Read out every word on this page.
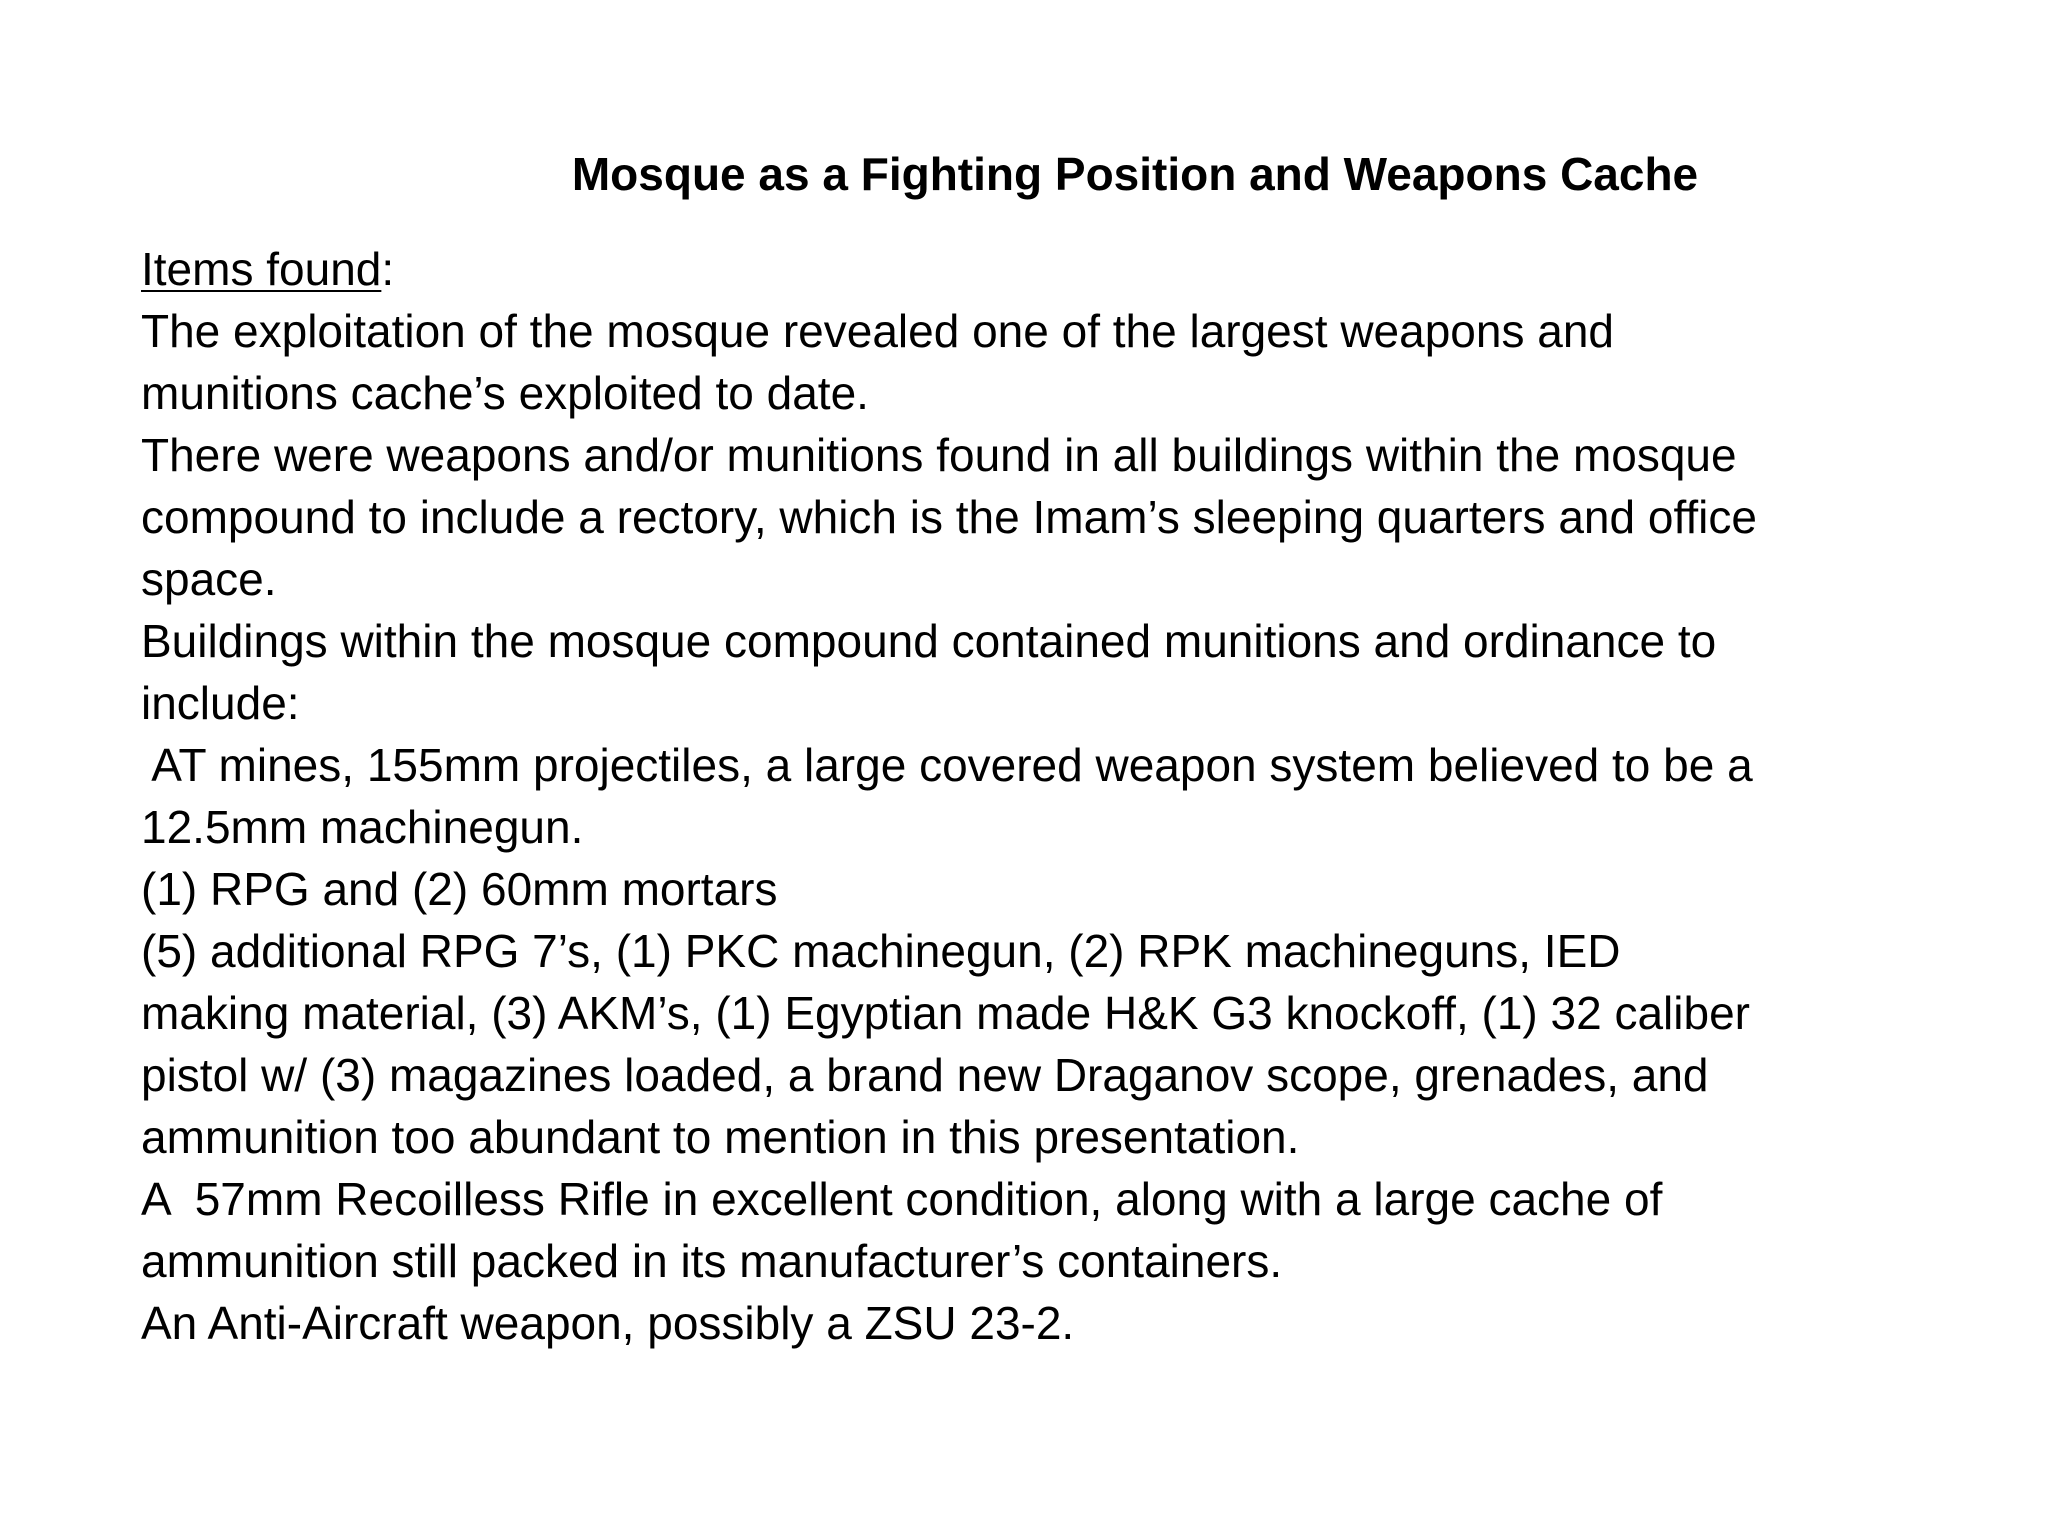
Mosque as a Fighting Position and Weapons Cache
Items found:
The exploitation of the mosque revealed one of the largest weapons and
munitions cache’s exploited to date.
There were weapons and/or munitions found in all buildings within the mosque
compound to include a rectory, which is the Imam’s sleeping quarters and office
space.
Buildings within the mosque compound contained munitions and ordinance to
include:
AT mines, 155mm projectiles, a large covered weapon system believed to be a
12.5mm machinegun.
(1) RPG and (2) 60mm mortars
(5) additional RPG 7’s, (1) PKC machinegun, (2) RPK machineguns, IED
making material, (3) AKM’s, (1) Egyptian made H&K G3 knockoff, (1) 32 caliber
pistol w/ (3) magazines loaded, a brand new Draganov scope, grenades, and
ammunition too abundant to mention in this presentation.
A  57mm Recoilless Rifle in excellent condition, along with a large cache of
ammunition still packed in its manufacturer’s containers.
An Anti-Aircraft weapon, possibly a ZSU 23-2.
